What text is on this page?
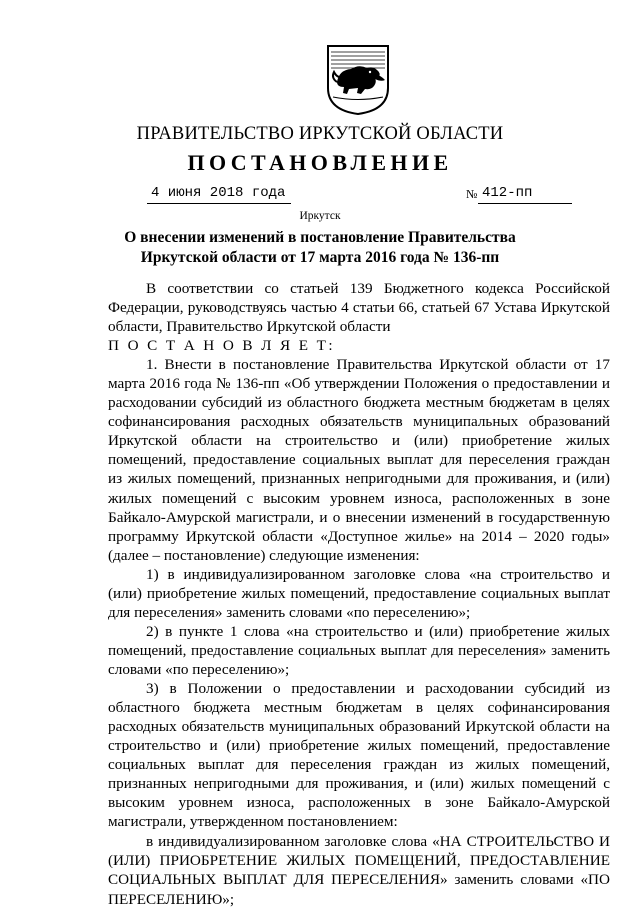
ПРАВИТЕЛЬСТВО ИРКУТСКОЙ ОБЛАСТИ
ПОСТАНОВЛЕНИЕ
4 июня 2018 года	№ 412-пп
Иркутск
О внесении изменений в постановление Правительства Иркутской области от 17 марта 2016 года № 136-пп

В соответствии со статьей 139 Бюджетного кодекса Российской Федерации, руководствуясь частью 4 статьи 66, статьей 67 Устава Иркутской области, Правительство Иркутской области

П О С Т А Н О В Л Я Е Т:

1. Внести в постановление Правительства Иркутской области от 17 марта 2016 года № 136-пп «Об утверждении Положения о предоставлении и расходовании субсидий из областного бюджета местным бюджетам в целях софинансирования расходных обязательств муниципальных образований Иркутской области на строительство и (или) приобретение жилых помещений, предоставление социальных выплат для переселения граждан из жилых помещений, признанных непригодными для проживания, и (или) жилых помещений с высоким уровнем износа, расположенных в зоне Байкало-Амурской магистрали, и о внесении изменений в государственную программу Иркутской области «Доступное жилье» на 2014 – 2020 годы» (далее – постановление) следующие изменения:

1) в индивидуализированном заголовке слова «на строительство и (или) приобретение жилых помещений, предоставление социальных выплат для переселения» заменить словами «по переселению»;

2) в пункте 1 слова «на строительство и (или) приобретение жилых помещений, предоставление социальных выплат для переселения» заменить словами «по переселению»;

3) в Положении о предоставлении и расходовании субсидий из областного бюджета местным бюджетам в целях софинансирования расходных обязательств муниципальных образований Иркутской области на строительство и (или) приобретение жилых помещений, предоставление социальных выплат для переселения граждан из жилых помещений, признанных непригодными для проживания, и (или) жилых помещений с высоким уровнем износа, расположенных в зоне Байкало-Амурской магистрали, утвержденном постановлением:

в индивидуализированном заголовке слова «НА СТРОИТЕЛЬСТВО И (ИЛИ) ПРИОБРЕТЕНИЕ ЖИЛЫХ ПОМЕЩЕНИЙ, ПРЕДОСТАВЛЕНИЕ СОЦИАЛЬНЫХ ВЫПЛАТ ДЛЯ ПЕРЕСЕЛЕНИЯ» заменить словами «ПО ПЕРЕСЕЛЕНИЮ»;
